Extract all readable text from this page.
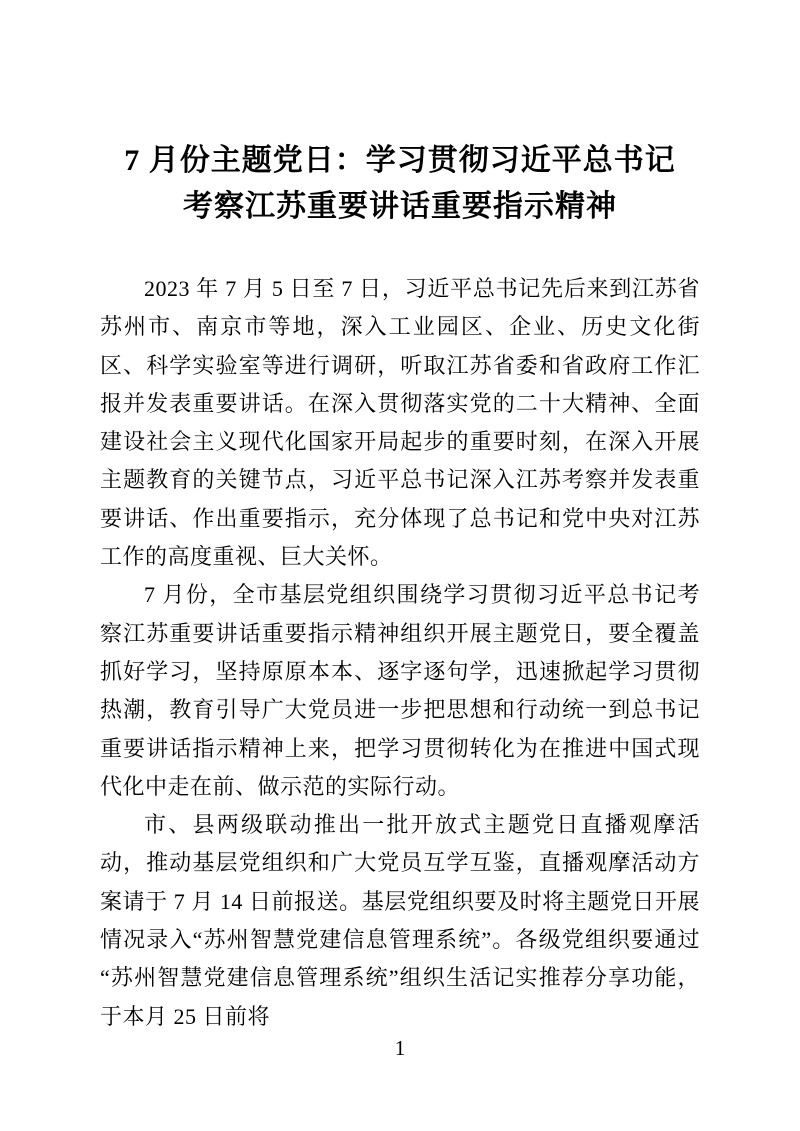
7 月份主题党日：学习贯彻习近平总书记
考察江苏重要讲话重要指示精神

2023 年 7 月 5 日至 7 日，习近平总书记先后来到江苏省苏州市、南京市等地，深入工业园区、企业、历史文化街区、科学实验室等进行调研，听取江苏省委和省政府工作汇报并发表重要讲话。在深入贯彻落实党的二十大精神、全面建设社会主义现代化国家开局起步的重要时刻，在深入开展主题教育的关键节点，习近平总书记深入江苏考察并发表重要讲话、作出重要指示，充分体现了总书记和党中央对江苏工作的高度重视、巨大关怀。

7 月份，全市基层党组织围绕学习贯彻习近平总书记考察江苏重要讲话重要指示精神组织开展主题党日，要全覆盖抓好学习，坚持原原本本、逐字逐句学，迅速掀起学习贯彻热潮，教育引导广大党员进一步把思想和行动统一到总书记重要讲话指示精神上来，把学习贯彻转化为在推进中国式现代化中走在前、做示范的实际行动。

市、县两级联动推出一批开放式主题党日直播观摩活动，推动基层党组织和广大党员互学互鉴，直播观摩活动方案请于 7 月 14 日前报送。基层党组织要及时将主题党日开展情况录入“苏州智慧党建信息管理系统”。各级党组织要通过“苏州智慧党建信息管理系统”组织生活记实推荐分享功能，于本月 25 日前将

1
